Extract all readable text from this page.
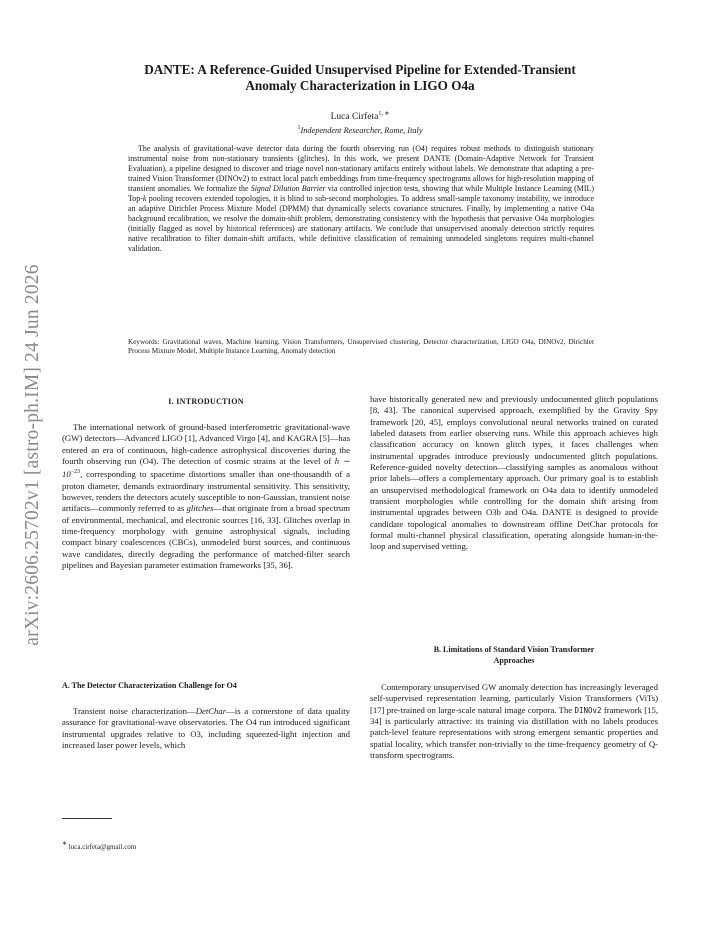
arXiv:2606.25702v1 [astro-ph.IM] 24 Jun 2026
DANTE: A Reference-Guided Unsupervised Pipeline for Extended-Transient
Anomaly Characterization in LIGO O4a
Luca Cirfeta$^{1, ∗}$
$^1$Independent Researcher, Rome, Italy
The analysis of gravitational-wave detector data during the fourth observing run (O4) requires robust methods to distinguish stationary instrumental noise from non-stationary transients (glitches). In this work, we present DANTE (Domain-Adaptive Network for Transient Evaluation), a pipeline designed to discover and triage novel non-stationary artifacts entirely without labels. We demonstrate that adapting a pre-trained Vision Transformer (DINOv2) to extract local patch embeddings from time-frequency spectrograms allows for high-resolution mapping of transient anomalies. We formalize the Signal Dilution Barrier via controlled injection tests, showing that while Multiple Instance Learning (MIL) Top-k pooling recovers extended topologies, it is blind to sub-second morphologies. To address small-sample taxonomy instability, we introduce an adaptive Dirichlet Process Mixture Model (DPMM) that dynamically selects covariance structures. Finally, by implementing a native O4a background recalibration, we resolve the domain-shift problem, demonstrating consistency with the hypothesis that pervasive O4a morphologies (initially flagged as novel by historical references) are stationary artifacts. We conclude that unsupervised anomaly detection strictly requires native recalibration to filter domain-shift artifacts, while definitive classification of remaining unmodeled singletons requires multi-channel validation.
Keywords: Gravitational waves, Machine learning, Vision Transformers, Unsupervised clustering, Detector characterization, LIGO O4a, DINOv2, Dirichlet Process Mixture Model, Multiple Instance Learning, Anomaly detection
I. INTRODUCTION

The international network of ground-based interferometric gravitational-wave (GW) detectors—Advanced LIGO [1], Advanced Virgo [4], and KAGRA [5]—has entered an era of continuous, high-cadence astrophysical discoveries during the fourth observing run (O4). The detection of cosmic strains at the level of h ∼ $10^{-23}$, corresponding to spacetime distortions smaller than one-thousandth of a proton diameter, demands extraordinary instrumental sensitivity. This sensitivity, however, renders the detectors acutely susceptible to non-Gaussian, transient noise artifacts—commonly referred to as glitches—that originate from a broad spectrum of environmental, mechanical, and electronic sources [16, 33]. Glitches overlap in time-frequency morphology with genuine astrophysical signals, including compact binary coalescences (CBCs), unmodeled burst sources, and continuous wave candidates, directly degrading the performance of matched-filter search pipelines and Bayesian parameter estimation frameworks [35, 36].

A. The Detector Characterization Challenge for O4

Transient noise characterization—DetChar—is a cornerstone of data quality assurance for gravitational-wave observatories. The O4 run introduced significant instrumental upgrades relative to O3, including squeezed-light injection and increased laser power levels, which

∗ luca.cirfeta@gmail.com

have historically generated new and previously undocumented glitch populations [8, 43]. The canonical supervised approach, exemplified by the Gravity Spy framework [20, 45], employs convolutional neural networks trained on curated labeled datasets from earlier observing runs. While this approach achieves high classification accuracy on known glitch types, it faces challenges when instrumental upgrades introduce previously undocumented glitch populations. Reference-guided novelty detection—classifying samples as anomalous without prior labels—offers a complementary approach. Our primary goal is to establish an unsupervised methodological framework on O4a data to identify unmodeled transient morphologies while controlling for the domain shift arising from instrumental upgrades between O3b and O4a. DANTE is designed to provide candidate topological anomalies to downstream offline DetChar protocols for formal multi-channel physical classification, operating alongside human-in-the-loop and supervised vetting.

B. Limitations of Standard Vision Transformer
Approaches

Contemporary unsupervised GW anomaly detection has increasingly leveraged self-supervised representation learning, particularly Vision Transformers (ViTs) [17] pre-trained on large-scale natural image corpora. The DINOv2 framework [15, 34] is particularly attractive: its training via distillation with no labels produces patch-level feature representations with strong emergent semantic properties and spatial locality, which transfer non-trivially to the time-frequency geometry of Q-transform spectrograms.
